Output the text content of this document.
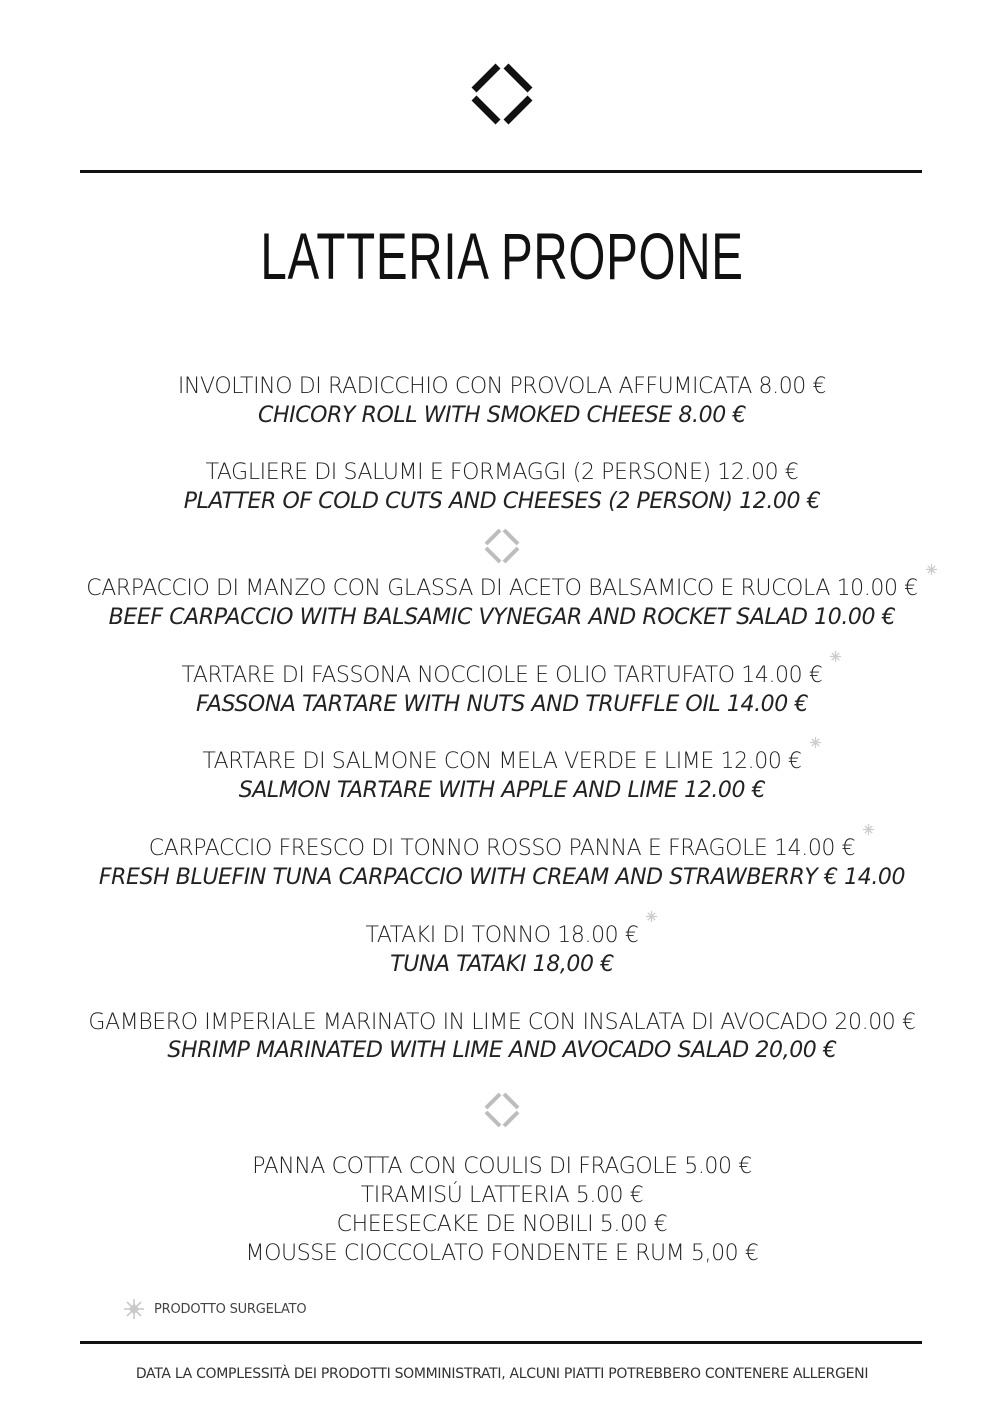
LATTERIA PROPONE
INVOLTINO DI RADICCHIO CON PROVOLA AFFUMICATA 8.00 €
CHICORY ROLL WITH SMOKED CHEESE 8.00 €
TAGLIERE DI SALUMI E FORMAGGI (2 PERSONE) 12.00 €
PLATTER OF COLD CUTS AND CHEESES (2 PERSON) 12.00 €
CARPACCIO DI MANZO CON GLASSA DI ACETO BALSAMICO E RUCOLA 10.00 €
BEEF CARPACCIO WITH BALSAMIC VYNEGAR AND ROCKET SALAD 10.00 €
TARTARE DI FASSONA NOCCIOLE E OLIO TARTUFATO 14.00 €
FASSONA TARTARE WITH NUTS AND TRUFFLE OIL 14.00 €
TARTARE DI SALMONE CON MELA VERDE E LIME 12.00 €
SALMON TARTARE WITH APPLE AND LIME 12.00 €
CARPACCIO FRESCO DI TONNO ROSSO PANNA E FRAGOLE 14.00 €
FRESH BLUEFIN TUNA CARPACCIO WITH CREAM AND STRAWBERRY € 14.00
TATAKI DI TONNO 18.00 €
TUNA TATAKI 18,00 €
GAMBERO IMPERIALE MARINATO IN LIME CON INSALATA DI AVOCADO 20.00 €
SHRIMP MARINATED WITH LIME AND AVOCADO SALAD 20,00 €
PANNA COTTA CON COULIS DI FRAGOLE 5.00 €
TIRAMISÚ LATTERIA 5.00 €
CHEESECAKE DE NOBILI 5.00 €
MOUSSE CIOCCOLATO FONDENTE E RUM 5,00 €
PRODOTTO SURGELATO
DATA LA COMPLESSITÀ DEI PRODOTTI SOMMINISTRATI, ALCUNI PIATTI POTREBBERO CONTENERE ALLERGENI
